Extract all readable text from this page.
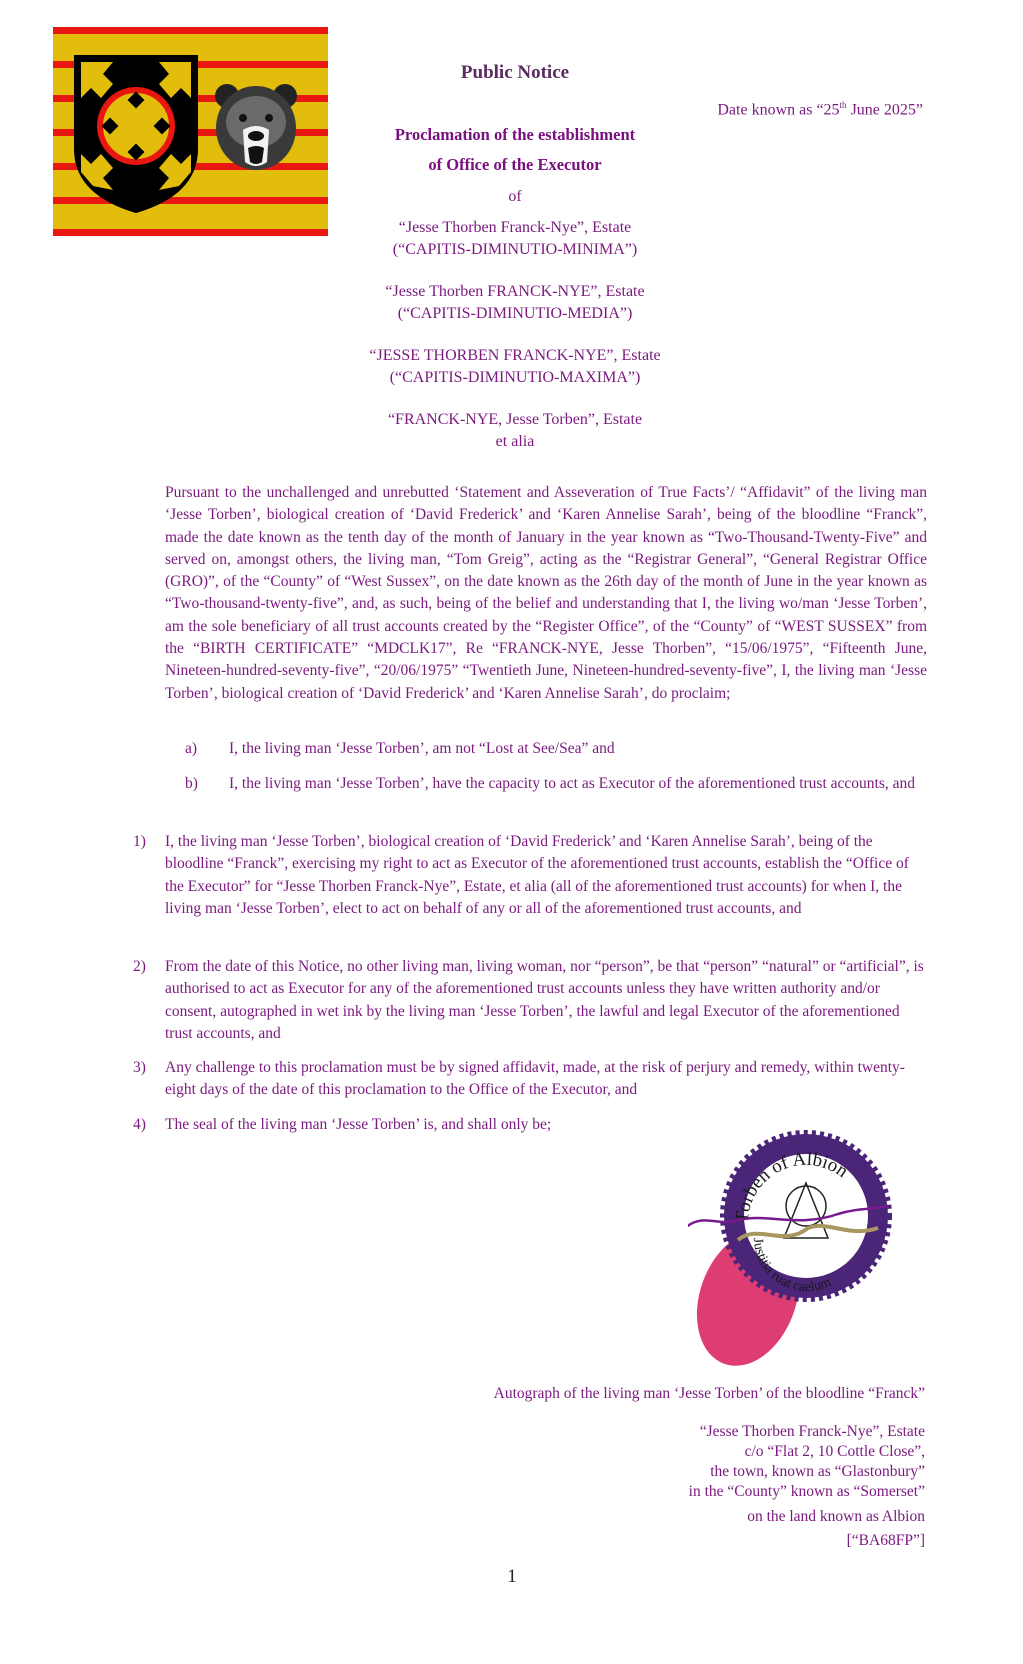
Public Notice
Date known as “25th June 2025”
Proclamation of the establishment
of Office of the Executor
of
“Jesse Thorben Franck-Nye”, Estate
(“CAPITIS-DIMINUTIO-MINIMA”)
“Jesse Thorben FRANCK-NYE”, Estate
(“CAPITIS-DIMINUTIO-MEDIA”)
“JESSE THORBEN FRANCK-NYE”, Estate
(“CAPITIS-DIMINUTIO-MAXIMA”)
“FRANCK-NYE, Jesse Torben”, Estate
et alia
Pursuant to the unchallenged and unrebutted ‘Statement and Asseveration of True Facts’/ “Affidavit” of the living man ‘Jesse Torben’, biological creation of ‘David Frederick’ and ‘Karen Annelise Sarah’, being of the bloodline “Franck”, made the date known as the tenth day of the month of January in the year known as “Two-Thousand-Twenty-Five” and served on, amongst others, the living man, “Tom Greig”, acting as the “Registrar General”, “General Registrar Office (GRO)”, of the “County” of “West Sussex”, on the date known as the 26th day of the month of June in the year known as “Two-thousand-twenty-five”, and, as such, being of the belief and understanding that I, the living wo/man ‘Jesse Torben’, am the sole beneficiary of all trust accounts created by the “Register Office”, of the “County” of “WEST SUSSEX” from the “BIRTH CERTIFICATE” “MDCLK17”, Re “FRANCK-NYE, Jesse Thorben”, “15/06/1975”, “Fifteenth June, Nineteen-hundred-seventy-five”, “20/06/1975” “Twentieth June, Nineteen-hundred-seventy-five”, I, the living man ‘Jesse Torben’, biological creation of ‘David Frederick’ and ‘Karen Annelise Sarah’, do proclaim;
a) I, the living man ‘Jesse Torben’, am not “Lost at See/Sea” and
b) I, the living man ‘Jesse Torben’, have the capacity to act as Executor of the aforementioned trust accounts, and
1) I, the living man ‘Jesse Torben’, biological creation of ‘David Frederick’ and ‘Karen Annelise Sarah’, being of the bloodline “Franck”, exercising my right to act as Executor of the aforementioned trust accounts, establish the “Office of the Executor” for “Jesse Thorben Franck-Nye”, Estate, et alia (all of the aforementioned trust accounts) for when I, the living man ‘Jesse Torben’, elect to act on behalf of any or all of the aforementioned trust accounts, and
2) From the date of this Notice, no other living man, living woman, nor “person”, be that “person” “natural” or “artificial”, is authorised to act as Executor for any of the aforementioned trust accounts unless they have written authority and/or consent, autographed in wet ink by the living man ‘Jesse Torben’, the lawful and legal Executor of the aforementioned trust accounts, and
3) Any challenge to this proclamation must be by signed affidavit, made, at the risk of perjury and remedy, within twenty-eight days of the date of this proclamation to the Office of the Executor, and
4) The seal of the living man ‘Jesse Torben’ is, and shall only be;
Torben of Albion
Justitia ruat caelum
Autograph of the living man ‘Jesse Torben’ of the bloodline “Franck”
“Jesse Thorben Franck-Nye”, Estate
c/o “Flat 2, 10 Cottle Close”,
the town, known as “Glastonbury”
in the “County” known as “Somerset”
on the land known as Albion
[“BA68FP”]
1
